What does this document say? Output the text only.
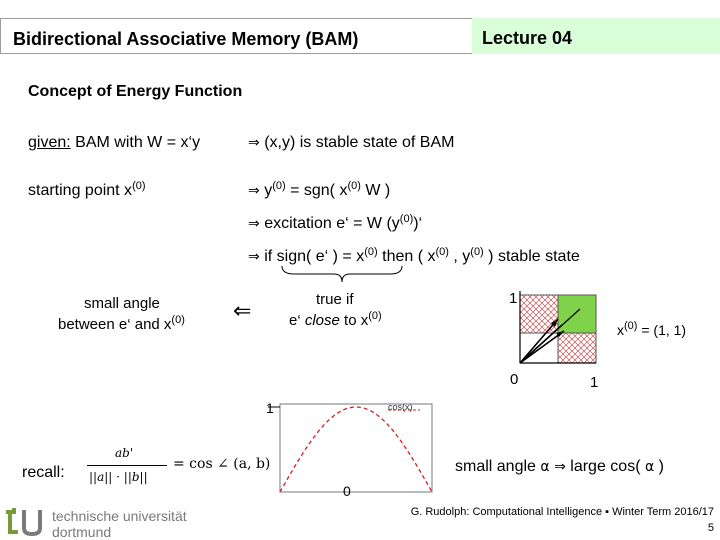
Bidirectional Associative Memory (BAM)	Lecture 04
Concept of Energy Function
given: BAM with W = x‘y	⇒ (x,y) is stable state of BAM
starting point $x^{(0)}$	⇒ $y^{(0)} = sgn$( $x^{(0)}$ W )
⇒ excitation e‘ = W $(y^{(0)})‘$
⇒ if sign( e‘ ) = $x^{(0)}$ then ( $x^{(0)}$ , $y^{(0)}$ ) stable state
small angle
between e‘ and $x^{(0)}$ ⇐	true if
e‘ close to $x^{(0)}$
1
0	1
$x^{(0)} = (1$, 1)
cos(x)
1
0
recall:
ab'
||a|| · ||b||
= cos ∠ (a, b)	small angle α ⇒ large cos( α )
technische universität
dortmund
G. Rudolph: Computational Intelligence ▪ Winter Term 2016/17
5
